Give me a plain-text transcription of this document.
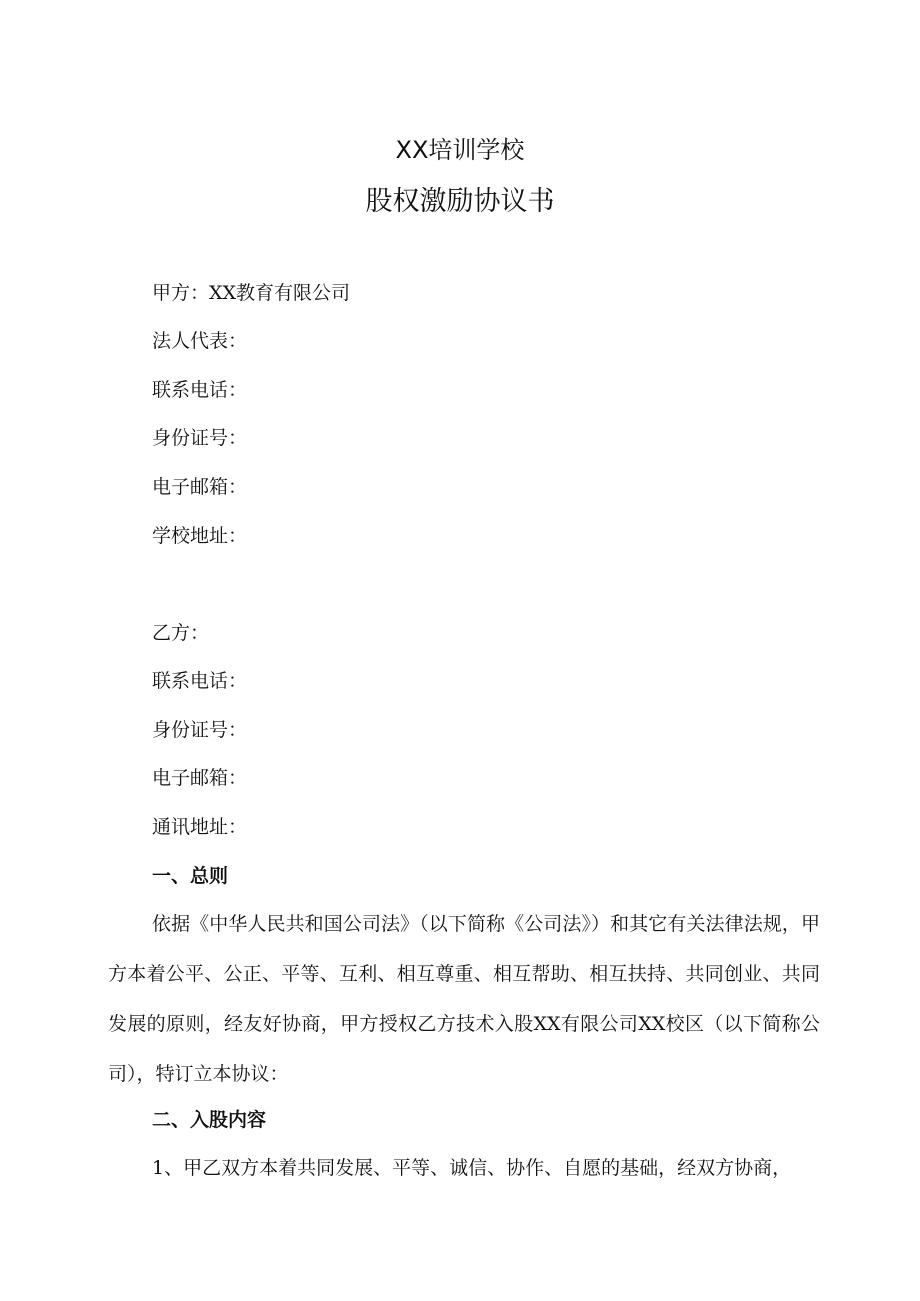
XX培训学校
股权激励协议书
甲方：XX教育有限公司
法人代表：
联系电话：
身份证号：
电子邮箱：
学校地址：
乙方：
联系电话：
身份证号：
电子邮箱：
通讯地址：
一、总则
依据《中华人民共和国公司法》（以下简称《公司法》）和其它有关法律法规，甲方本着公平、公正、平等、互利、相互尊重、相互帮助、相互扶持、共同创业、共同发展的原则，经友好协商，甲方授权乙方技术入股XX有限公司XX校区（以下简称公司），特订立本协议：
二、入股内容
1、甲乙双方本着共同发展、平等、诚信、协作、自愿的基础，经双方协商，
